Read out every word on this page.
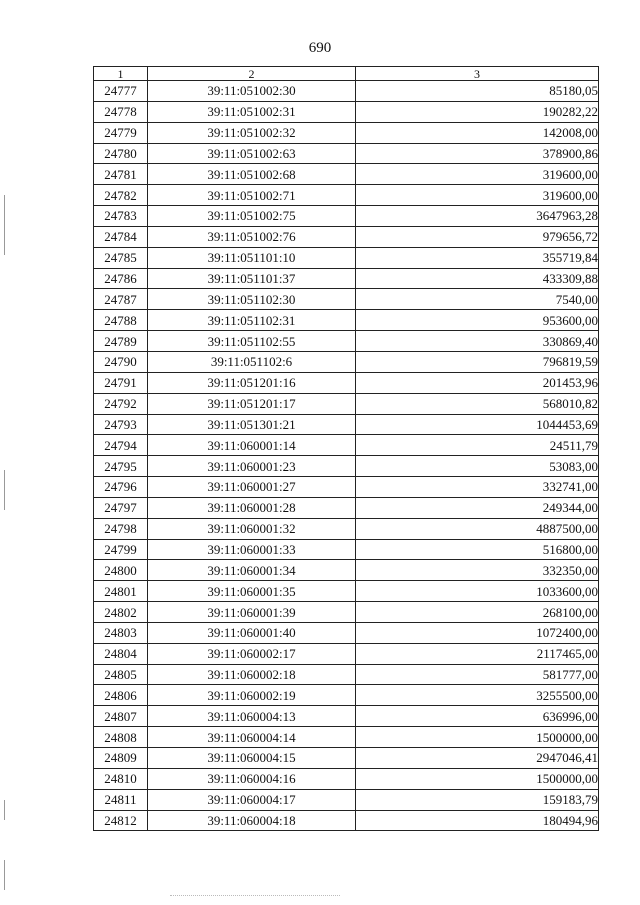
690
1	2	3
24777	39:11:051002:30	85180,05
24778	39:11:051002:31	190282,22
24779	39:11:051002:32	142008,00
24780	39:11:051002:63	378900,86
24781	39:11:051002:68	319600,00
24782	39:11:051002:71	319600,00
24783	39:11:051002:75	3647963,28
24784	39:11:051002:76	979656,72
24785	39:11:051101:10	355719,84
24786	39:11:051101:37	433309,88
24787	39:11:051102:30	7540,00
24788	39:11:051102:31	953600,00
24789	39:11:051102:55	330869,40
24790	39:11:051102:6	796819,59
24791	39:11:051201:16	201453,96
24792	39:11:051201:17	568010,82
24793	39:11:051301:21	1044453,69
24794	39:11:060001:14	24511,79
24795	39:11:060001:23	53083,00
24796	39:11:060001:27	332741,00
24797	39:11:060001:28	249344,00
24798	39:11:060001:32	4887500,00
24799	39:11:060001:33	516800,00
24800	39:11:060001:34	332350,00
24801	39:11:060001:35	1033600,00
24802	39:11:060001:39	268100,00
24803	39:11:060001:40	1072400,00
24804	39:11:060002:17	2117465,00
24805	39:11:060002:18	581777,00
24806	39:11:060002:19	3255500,00
24807	39:11:060004:13	636996,00
24808	39:11:060004:14	1500000,00
24809	39:11:060004:15	2947046,41
24810	39:11:060004:16	1500000,00
24811	39:11:060004:17	159183,79
24812	39:11:060004:18	180494,96
